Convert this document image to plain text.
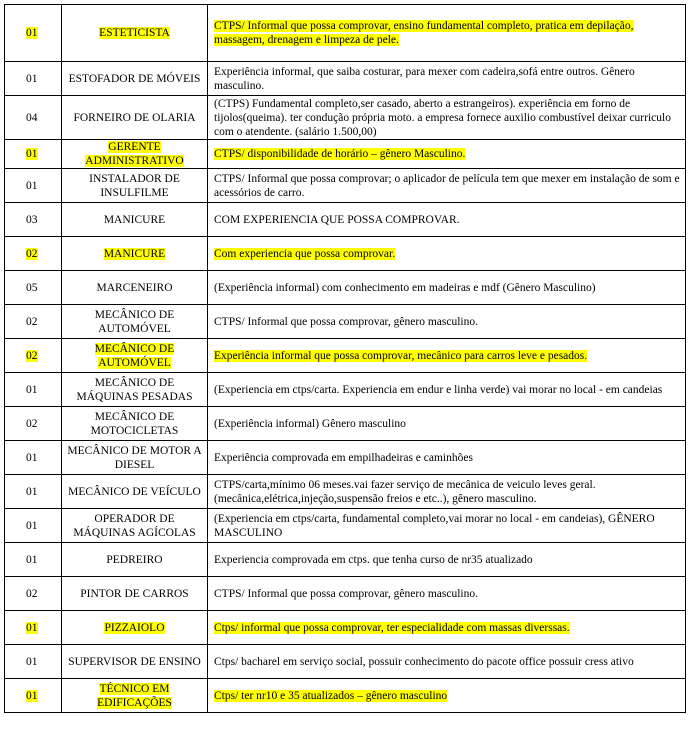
01	ESTETICISTA	CTPS/ Informal que possa comprovar, ensino fundamental completo, pratica em depilação, massagem, drenagem e limpeza de pele.
01	ESTOFADOR DE MÓVEIS	Experiência informal, que saiba costurar, para mexer com cadeira,sofá entre outros. Gênero masculino.
04	FORNEIRO DE OLARIA	(CTPS) Fundamental completo,ser casado, aberto a estrangeiros). experiência em forno de tijolos(queima). ter condução própria moto. a empresa fornece auxilio combustível deixar curriculo com o atendente. (salário 1.500,00)
01	GERENTE ADMINISTRATIVO	CTPS/ disponibilidade de horário – gênero Masculino.
01	INSTALADOR DE INSULFILME	CTPS/ Informal que possa comprovar; o aplicador de película tem que mexer em instalação de som e acessórios de carro.
03	MANICURE	COM EXPERIENCIA QUE POSSA COMPROVAR.
02	MANICURE	Com experiencia que possa comprovar.
05	MARCENEIRO	(Experiência informal) com conhecimento em madeiras e mdf (Gênero Masculino)
02	MECÂNICO DE AUTOMÓVEL	CTPS/ Informal que possa comprovar, gênero masculino.
02	MECÂNICO DE AUTOMÓVEL	Experiência informal que possa comprovar, mecânico para carros leve e pesados.
01	MECÂNICO DE MÁQUINAS PESADAS	(Experiencia em ctps/carta. Experiencia em endur e linha verde) vai morar no local - em candeias
02	MECÂNICO DE MOTOCICLETAS	(Experiência informal) Gênero masculino
01	MECÂNICO DE MOTOR A DIESEL	Experiência comprovada em empilhadeiras e caminhões
01	MECÂNICO DE VEÍCULO	CTPS/carta,mínimo 06 meses.vai fazer serviço de mecânica de veiculo leves geral. (mecânica,elétrica,injeção,suspensão freios e etc..), gênero masculino.
01	OPERADOR DE MÁQUINAS AGÍCOLAS	(Experiencia em ctps/carta, fundamental completo,vai morar no local - em candeias), GÊNERO MASCULINO
01	PEDREIRO	Experiencia comprovada em ctps. que tenha curso de nr35 atualizado
02	PINTOR DE CARROS	CTPS/ Informal que possa comprovar, gênero masculino.
01	PIZZAIOLO	Ctps/ informal que possa comprovar, ter especialidade com massas diverssas.
01	SUPERVISOR DE ENSINO	Ctps/ bacharel em serviço social, possuir conhecimento do pacote office possuir cress ativo
01	TÉCNICO EM EDIFICAÇÕES	Ctps/ ter nr10 e 35 atualizados – gênero masculino
